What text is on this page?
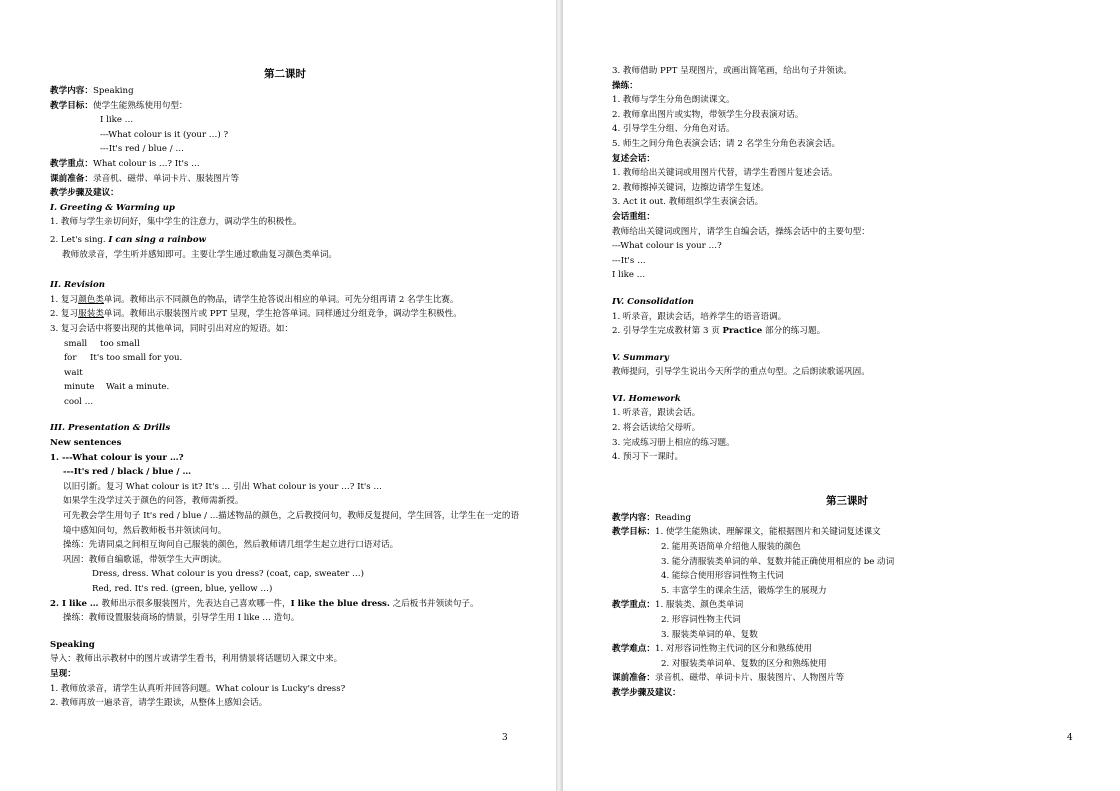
第二课时
教学内容：Speaking
教学目标：使学生能熟练使用句型：
I like …
---What colour is it (your …) ?
---It's red / blue / …
教学重点：What colour is …? It's …
课前准备：录音机、磁带、单词卡片、服装图片等
教学步骤及建议：
I. Greeting & Warming up
1. 教师与学生亲切问好，集中学生的注意力，调动学生的积极性。
2. Let's sing. I can sing a rainbow
教师放录音，学生听并感知即可。主要让学生通过歌曲复习颜色类单词。
II. Revision
1. 复习颜色类单词。教师出示不同颜色的物品，请学生抢答说出相应的单词。可先分组再请 2 名学生比赛。
2. 复习服装类单词。教师出示服装图片或 PPT 呈现，学生抢答单词。同样通过分组竞争，调动学生积极性。
3. 复习会话中将要出现的其他单词，同时引出对应的短语。如：
small too small
for It's too small for you.
wait
minute Wait a minute.
cool …
III. Presentation & Drills
New sentences
1. ---What colour is your …?
---It's red / black / blue / …
以旧引新。复习 What colour is it? It's … 引出 What colour is your …? It's …
如果学生没学过关于颜色的问答，教师需新授。
可先教会学生用句子 It's red / blue / …描述物品的颜色，之后教授问句，教师反复提问，学生回答，让学生在一定的语境中感知问句，然后教师板书并领读问句。
操练：先请同桌之间相互询问自己服装的颜色，然后教师请几组学生起立进行口语对话。
巩固：教师自编歌谣，带领学生大声朗读。
Dress, dress. What colour is you dress? (coat, cap, sweater …)
Red, red. It's red. (green, blue, yellow …)
2. I like … 教师出示很多服装图片，先表达自己喜欢哪一件，I like the blue dress. 之后板书并领读句子。
操练：教师设置服装商场的情景，引导学生用 I like … 造句。
Speaking
导入：教师出示教材中的图片或请学生看书，利用情景将话题切入课文中来。
呈现：
1. 教师放录音，请学生认真听并回答问题。What colour is Lucky's dress?
2. 教师再放一遍录音，请学生跟读，从整体上感知会话。
3
3. 教师借助 PPT 呈现图片，或画出简笔画，给出句子并领读。
操练：
1. 教师与学生分角色朗读课文。
2. 教师拿出图片或实物，带领学生分段表演对话。
4. 引导学生分组、分角色对话。
5. 师生之间分角色表演会话；请 2 名学生分角色表演会话。
复述会话：
1. 教师给出关键词或用图片代替，请学生看图片复述会话。
2. 教师擦掉关键词，边擦边请学生复述。
3. Act it out. 教师组织学生表演会话。
会话重组：
教师给出关键词或图片，请学生自编会话，操练会话中的主要句型：
---What colour is your …?
---It's …
I like …
IV. Consolidation
1. 听录音，跟读会话，培养学生的语音语调。
2. 引导学生完成教材第 3 页 Practice 部分的练习题。
V. Summary
教师提问，引导学生说出今天所学的重点句型。之后朗读歌谣巩固。
VI. Homework
1. 听录音，跟读会话。
2. 将会话读给父母听。
3. 完成练习册上相应的练习题。
4. 预习下一课时。
第三课时
教学内容：Reading
教学目标：1. 使学生能熟读、理解课文，能根据图片和关键词复述课文
2. 能用英语简单介绍他人服装的颜色
3. 能分清服装类单词的单、复数并能正确使用相应的 be 动词
4. 能综合使用形容词性物主代词
5. 丰富学生的课余生活，锻炼学生的展现力
教学重点：1. 服装类、颜色类单词
2. 形容词性物主代词
3. 服装类单词的单、复数
教学难点：1. 对形容词性物主代词的区分和熟练使用
2. 对服装类单词单、复数的区分和熟练使用
课前准备：录音机、磁带、单词卡片、服装图片、人物图片等
教学步骤及建议：
4
